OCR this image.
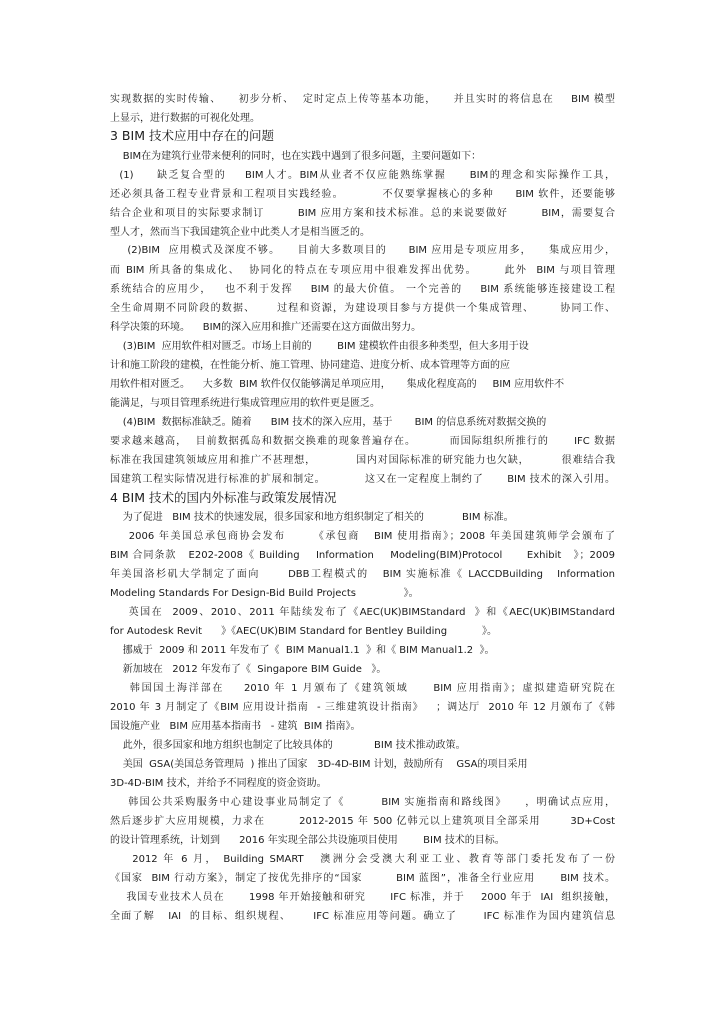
实现数据的实时传输、    初步分析、  定时定点上传等基本功能，    并且实时的将信息在    BIM 模型
上显示，进行数据的可视化处理。
3 BIM 技术应用中存在的问题
BIM在为建筑行业带来便利的同时，也在实践中遇到了很多问题，主要问题如下：
(1)     缺乏复合型的    BIM人才。BIM从业者不仅应能熟练掌握     BIM的理念和实际操作工具，
还必须具备工程专业背景和工程项目实践经验。         不仅要掌握核心的多种     BIM 软件，还要能够
结合企业和项目的实际要求制订        BIM 应用方案和技术标准。总的来说要做好        BIM，需要复合
型人才，然而当下我国建筑企业中此类人才是相当匮乏的。
(2)BIM  应用模式及深度不够。    目前大多数项目的     BIM 应用是专项应用多，    集成应用少，
而 BIM 所具备的集成化、  协同化的特点在专项应用中很难发挥出优势。      此外  BIM 与项目管理
系统结合的应用少，   也不利于发挥    BIM 的最大价值。 一个完善的    BIM 系统能够连接建设工程
全生命周期不同阶段的数据、     过程和资源，为建设项目参与方提供一个集成管理、      协同工作、
科学决策的环境。    BIM的深入应用和推广还需要在这方面做出努力。
(3)BIM  应用软件相对匮乏。市场上目前的        BIM 建模软件由很多种类型，但大多用于设
计和施工阶段的建模，在性能分析、施工管理、协同建造、进度分析、成本管理等方面的应
用软件相对匮乏。    大多数  BIM 软件仅仅能够满足单项应用，     集成化程度高的     BIM 应用软件不
能满足，与项目管理系统进行集成管理应用的软件更是匮乏。
(4)BIM  数据标准缺乏。随着      BIM 技术的深入应用，基于       BIM 的信息系统对数据交换的
要求越来越高，  目前数据孤岛和数据交换难的现象普遍存在。        而国际组织所推行的      IFC 数据
标准在我国建筑领域应用和推广不甚理想，          国内对国际标准的研究能力也欠缺，        很难结合我
国建筑工程实际情况进行标准的扩展和制定。          这又在一定程度上制约了      BIM 技术的深入引用。
4 BIM 技术的国内外标准与政策发展情况
为了促进   BIM 技术的快速发展，很多国家和地方组织制定了相关的            BIM 标准。
2006 年美国总承包商协会发布      《承包商   BIM 使用指南》；2008 年美国建筑师学会颁布了
BIM 合同条款   E202-2008《 Building    Information    Modeling(BIM)Protocol      Exhibit   》；2009
年美国洛杉矶大学制定了面向      DBB工程模式的   BIM 实施标准《 LACCDBuilding   Information
Modeling Standards For Design-Bid Build Projects               》。
英国在  2009、2010、2011 年陆续发布了《AEC(UK)BIMStandard  》和《AEC(UK)BIMStandard
for Autodesk Revit      》《AEC(UK)BIM Standard for Bentley Building           》。
挪威于  2009 和 2011 年发布了《  BIM Manual1.1  》和《 BIM Manual1.2  》。
新加坡在   2012 年发布了《  Singapore BIM Guide   》。
韩国国土海洋部在    2010 年 1 月颁布了《建筑领域     BIM 应用指南》；虚拟建造研究院在
2010 年 3 月制定了《BIM 应用设计指南  - 三维建筑设计指南》   ；调达厅  2010 年 12 月颁布了《韩
国设施产业   BIM 应用基本指南书   - 建筑  BIM 指南》。
此外，很多国家和地方组织也制定了比较具体的             BIM 技术推动政策。
美国  GSA(美国总务管理局  ) 推出了国家   3D-4D-BIM 计划，鼓励所有    GSA的项目采用
3D-4D-BIM 技术，并给予不同程度的资金资助。
韩国公共采购服务中心建设事业局制定了《        BIM 实施指南和路线图》    ，明确试点应用，
然后逐步扩大应用规模，力求在        2012-2015 年 500 亿韩元以上建筑项目全部采用       3D+Cost
的设计管理系统，计划到      2016 年实现全部公共设施项目使用        BIM 技术的目标。
2012 年 6 月， Building SMART   澳洲分会受澳大利亚工业、教育等部门委托发布了一份
《国家  BIM 行动方案》，制定了按优先排序的“国家        BIM 蓝图”，准备全行业应用      BIM 技术。
我国专业技术人员在      1998 年开始接触和研究      IFC 标准，并于    2000 年于  IAI  组织接触，
全面了解   IAI  的目标、组织规程、     IFC 标准应用等问题。确立了      IFC 标准作为国内建筑信息
